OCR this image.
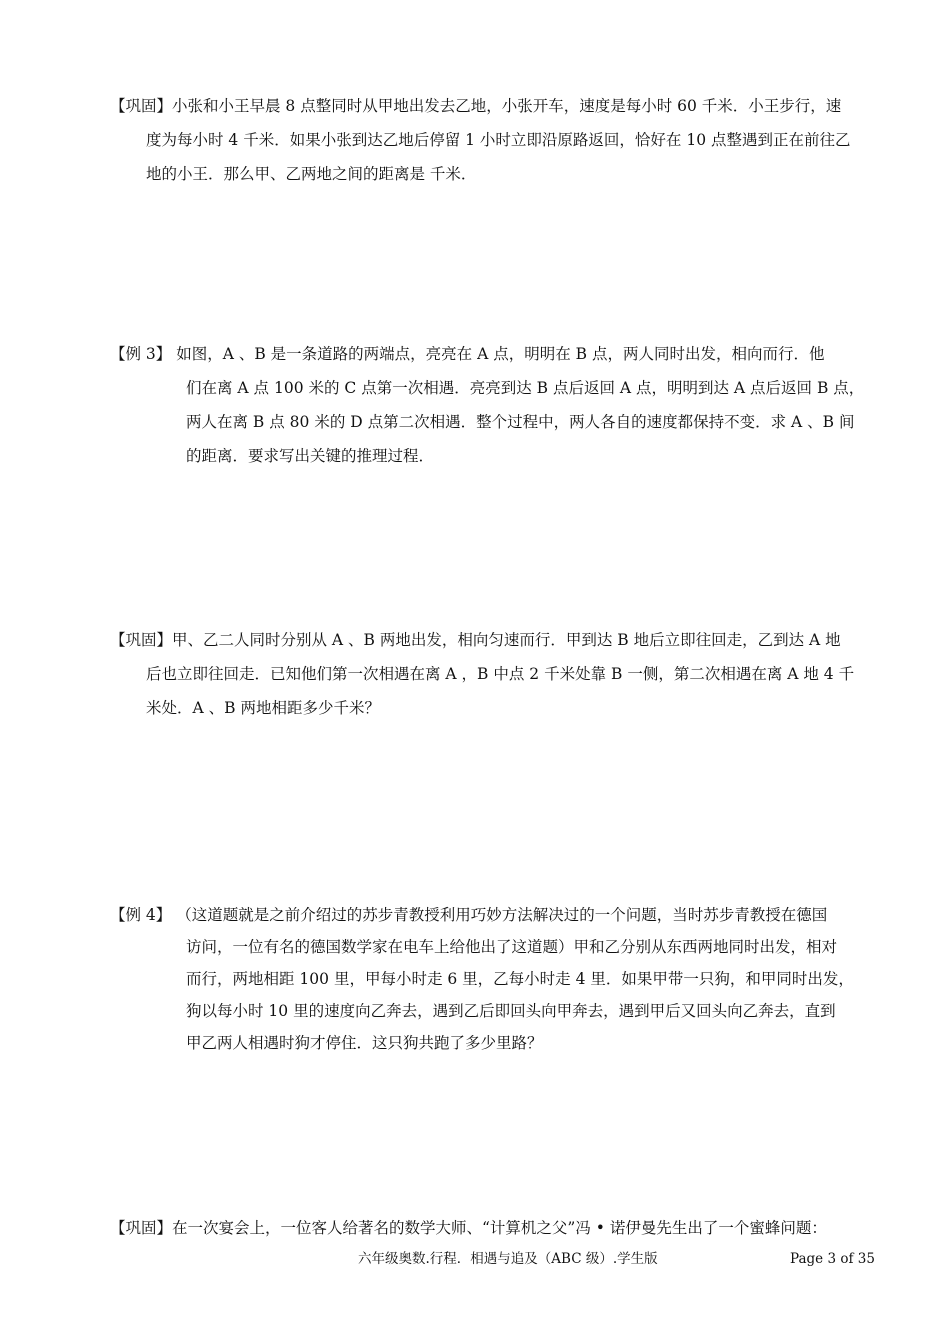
【巩固】小张和小王早晨 8 点整同时从甲地出发去乙地，小张开车，速度是每小时 60 千米．小王步行，速
度为每小时 4 千米．如果小张到达乙地后停留 1 小时立即沿原路返回，恰好在 10 点整遇到正在前往乙
地的小王．那么甲、乙两地之间的距离是 千米．
【例 3】 如图，A 、B 是一条道路的两端点，亮亮在 A 点，明明在 B 点，两人同时出发，相向而行．他
们在离 A 点 100 米的 C 点第一次相遇．亮亮到达 B 点后返回 A 点，明明到达 A 点后返回 B 点，
两人在离 B 点 80 米的 D 点第二次相遇．整个过程中，两人各自的速度都保持不变．求 A 、B 间
的距离．要求写出关键的推理过程．
【巩固】甲、乙二人同时分别从 A 、B 两地出发，相向匀速而行．甲到达 B 地后立即往回走，乙到达 A 地
后也立即往回走．已知他们第一次相遇在离 A ，B 中点 2 千米处靠 B 一侧，第二次相遇在离 A 地 4 千
米处．A 、B 两地相距多少千米？
【例 4】 （这道题就是之前介绍过的苏步青教授利用巧妙方法解决过的一个问题，当时苏步青教授在德国
访问，一位有名的德国数学家在电车上给他出了这道题）甲和乙分别从东西两地同时出发，相对
而行，两地相距 100 里，甲每小时走 6 里，乙每小时走 4 里．如果甲带一只狗，和甲同时出发，
狗以每小时 10 里的速度向乙奔去，遇到乙后即回头向甲奔去，遇到甲后又回头向乙奔去，直到
甲乙两人相遇时狗才停住．这只狗共跑了多少里路？
【巩固】在一次宴会上，一位客人给著名的数学大师、“计算机之父”冯 • 诺伊曼先生出了一个蜜蜂问题：
六年级奥数.行程．相遇与追及（ABC 级）.学生版	Page 3 of 35
